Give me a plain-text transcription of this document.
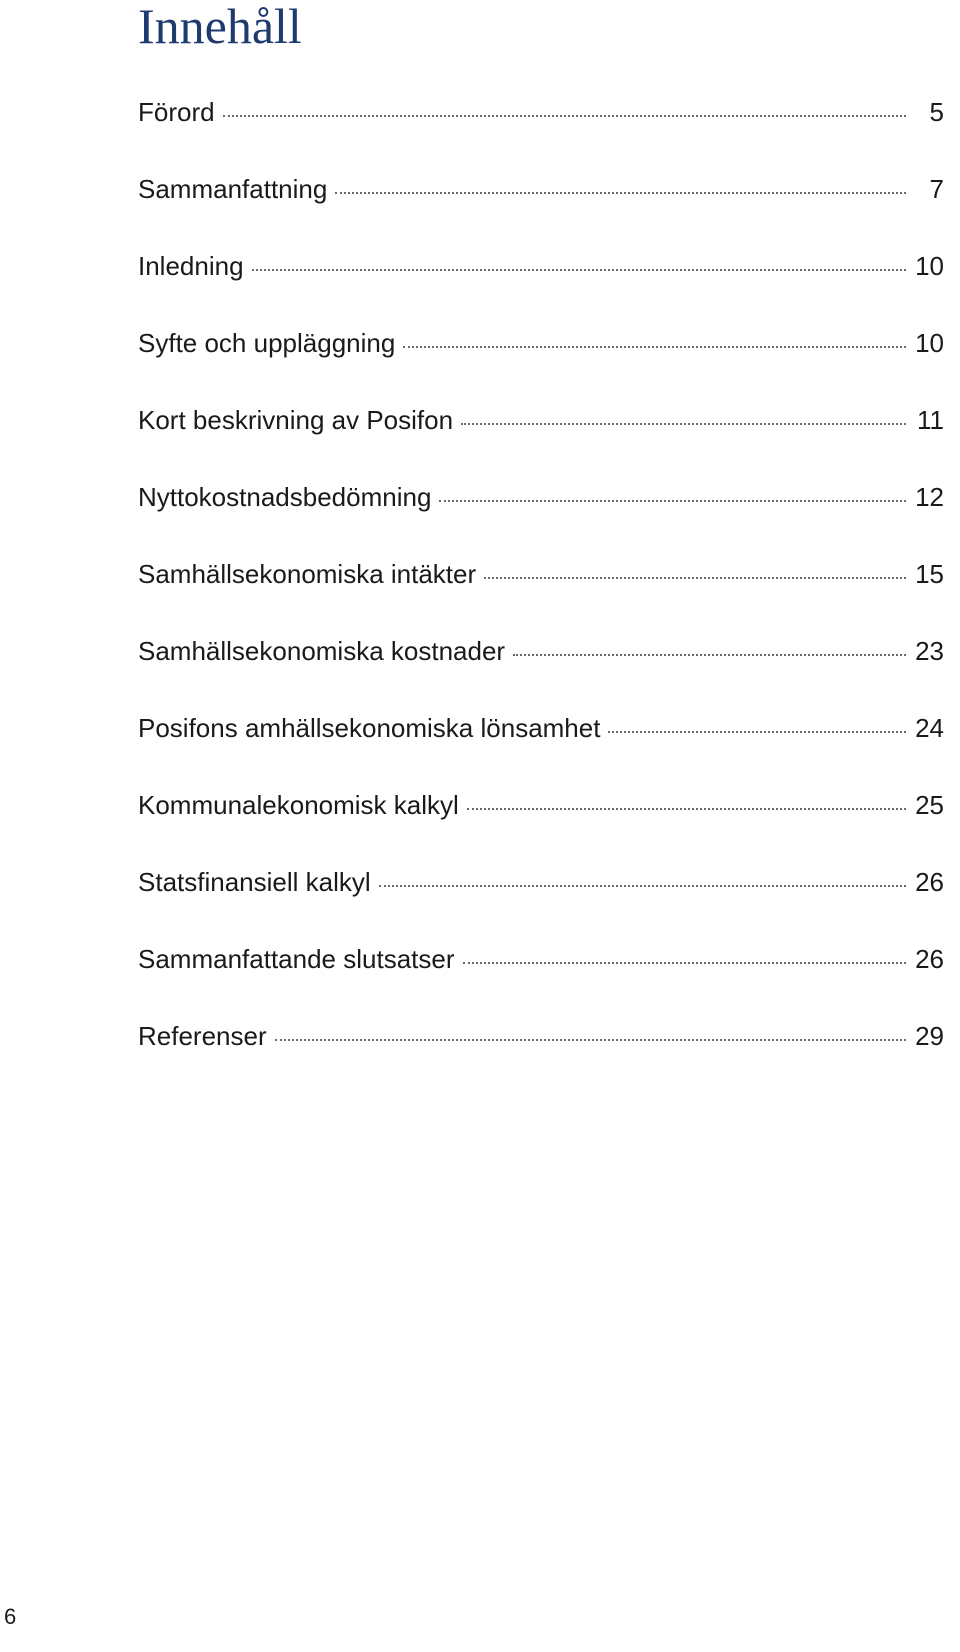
Innehåll
Förord	5
Sammanfattning	7
Inledning	10
Syfte och uppläggning	10
Kort beskrivning av Posifon	11
Nyttokostnadsbedömning	12
Samhällsekonomiska intäkter	15
Samhällsekonomiska kostnader	23
Posifons amhällsekonomiska lönsamhet	24
Kommunalekonomisk kalkyl	25
Statsfinansiell kalkyl	26
Sammanfattande slutsatser	26
Referenser	29
6
